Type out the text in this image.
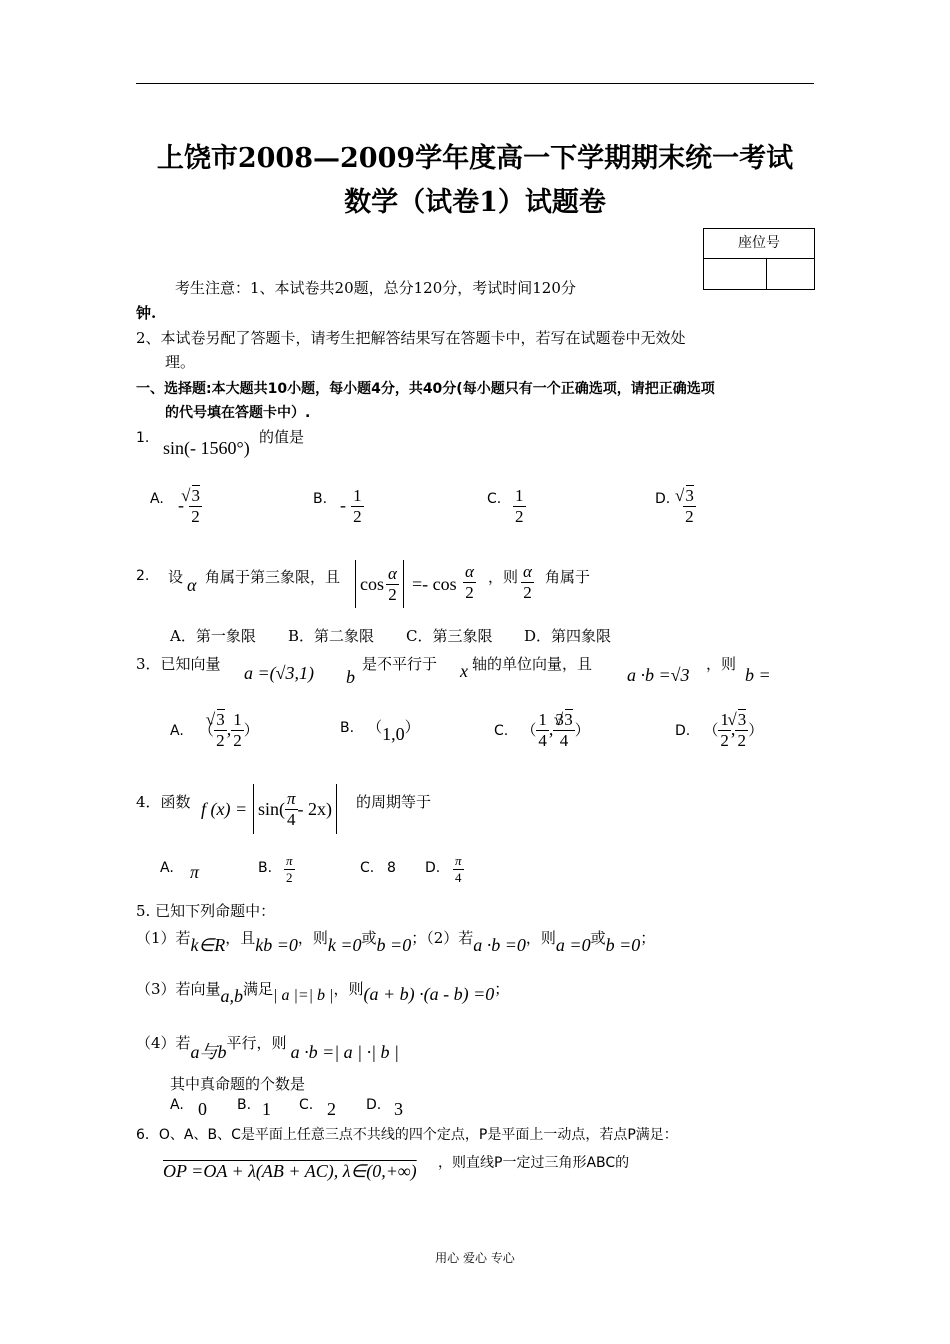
上饶市2008—2009学年度高一下学期期末统一考试
数学（试卷1）试题卷
座位号
考生注意：1、本试卷共20题，总分120分，考试时间120分
钟.
2、本试卷另配了答题卡，请考生把解答结果写在答题卡中，若写在试题卷中无效处
理。
一、选择题:本大题共10小题，每小题4分，共40分(每小题只有一个正确选项，请把正确选项
的代号填在答题卡中）.
1. sin(- 1560°)
的值是
A. - √ $\frac{3}{2}$	B. - $\frac{1}{2}$	C. $\frac{1}{2}$	D. √ $\frac{3}{2}$
2. 设 α 角属于第三象限，且 $\cos \frac{\alpha}{2} =- \cos \frac{\alpha}{2}$ ，则 $\frac{\alpha}{2}$ 角属于
A．第一象限 B．第二象限 C．第三象限 D．第四象限
3．已知向量 a =(√3,1) b
是不平行于 x 轴的单位向量，且
a ·b =√3
，则
b =
A. （ √ $\frac{3}{2}$ , $\frac{1}{2}$ ）	B. （1,0）	C. （ $\frac{1}{4}$ , $\frac{3√ 3}{4}$ ）	D. （ $\frac{1}{2}$ , √ $\frac{3}{2}$ ）
4．函数 f $(x) = \sin( \frac{\pi}{4} - 2x)$ 的周期等于
A. π	B. $\frac{\pi}{2}$	C. 8 D. $\frac{\pi}{4}$
5. 已知下列命题中：
（1）若k∈R，且kb =0，则k =0或b =0；（2）若a ·b =0，则a =0或b =0；
（3）若向量a,b满足| a |=| b |，则(a + b) ·(a - b) =0；
（4）若a与b平行，则 a ·b =| a | ·| b |
其中真命题的个数是
A. 0 B. 1 C. 2 D. 3
6．O、A、B、C是平面上任意三点不共线的四个定点，P是平面上一动点，若点P满足：
OP =OA + λ(AB + AC), λ∈(0,+∞) ，则直线P一定过三角形ABC的
用心 爱心 专心
